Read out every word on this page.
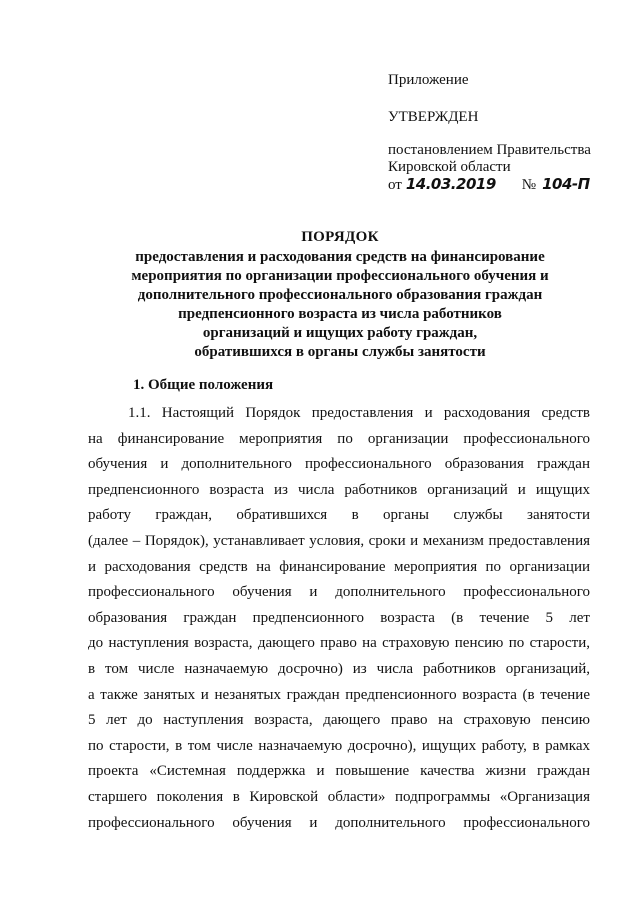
Приложение
УТВЕРЖДЕН
постановлением Правительства
Кировской области
от 14.03.2019 № 104-П
ПОРЯДОК
предоставления и расходования средств на финансирование
мероприятия по организации профессионального обучения и
дополнительного профессионального образования граждан
предпенсионного возраста из числа работников
организаций и ищущих работу граждан,
обратившихся в органы службы занятости
1. Общие положения
1.1. Настоящий Порядок предоставления и расходования средств
на финансирование мероприятия по организации профессионального
обучения и дополнительного профессионального образования граждан
предпенсионного возраста из числа работников организаций и ищущих
работу граждан, обратившихся в органы службы занятости
(далее – Порядок), устанавливает условия, сроки и механизм предоставления
и расходования средств на финансирование мероприятия по организации
профессионального обучения и дополнительного профессионального
образования граждан предпенсионного возраста (в течение 5 лет
до наступления возраста, дающего право на страховую пенсию по старости,
в том числе назначаемую досрочно) из числа работников организаций,
а также занятых и незанятых граждан предпенсионного возраста (в течение
5 лет до наступления возраста, дающего право на страховую пенсию
по старости, в том числе назначаемую досрочно), ищущих работу, в рамках
проекта «Системная поддержка и повышение качества жизни граждан
старшего поколения в Кировской области» подпрограммы «Организация
профессионального обучения и дополнительного профессионального
